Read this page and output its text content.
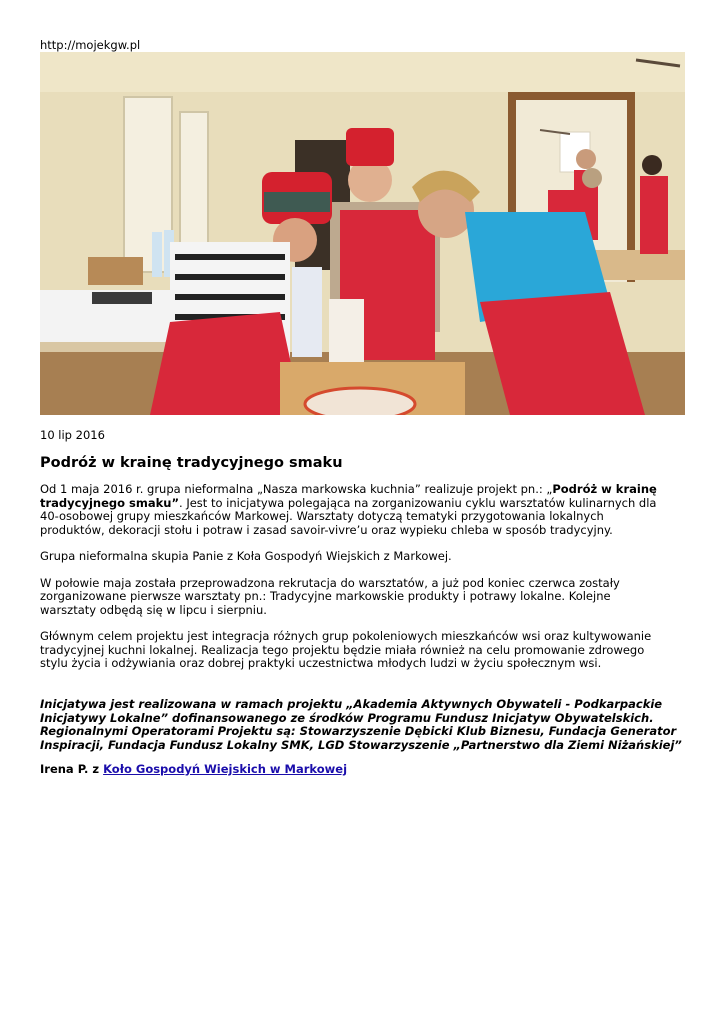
http://mojekgw.pl
10 lip 2016
Podróż w krainę tradycyjnego smaku

Od 1 maja 2016 r. grupa nieformalna „Nasza markowska kuchnia” realizuje projekt pn.: „Podróż w krainę tradycyjnego smaku”. Jest to inicjatywa polegająca na zorganizowaniu cyklu warsztatów kulinarnych dla 40-osobowej grupy mieszkańców Markowej. Warsztaty dotyczą tematyki przygotowania lokalnych produktów, dekoracji stołu i potraw i zasad savoir-vivre’u oraz wypieku chleba w sposób tradycyjny.

Grupa nieformalna skupia Panie z Koła Gospodyń Wiejskich z Markowej.

W połowie maja została przeprowadzona rekrutacja do warsztatów, a już pod koniec czerwca zostały zorganizowane pierwsze warsztaty pn.: Tradycyjne markowskie produkty i potrawy lokalne. Kolejne warsztaty odbędą się w lipcu i sierpniu.

Głównym celem projektu jest integracja różnych grup pokoleniowych mieszkańców wsi oraz kultywowanie tradycyjnej kuchni lokalnej. Realizacja tego projektu będzie miała również na celu promowanie zdrowego stylu życia i odżywiania oraz dobrej praktyki uczestnictwa młodych ludzi w życiu społecznym wsi.

Inicjatywa jest realizowana w ramach projektu „Akademia Aktywnych Obywateli - Podkarpackie Inicjatywy Lokalne” dofinansowanego ze środków Programu Fundusz Inicjatyw Obywatelskich. Regionalnymi Operatorami Projektu są: Stowarzyszenie Dębicki Klub Biznesu, Fundacja Generator Inspiracji, Fundacja Fundusz Lokalny SMK, LGD Stowarzyszenie „Partnerstwo dla Ziemi Niżańskiej”

Irena P. z Koło Gospodyń Wiejskich w Markowej
